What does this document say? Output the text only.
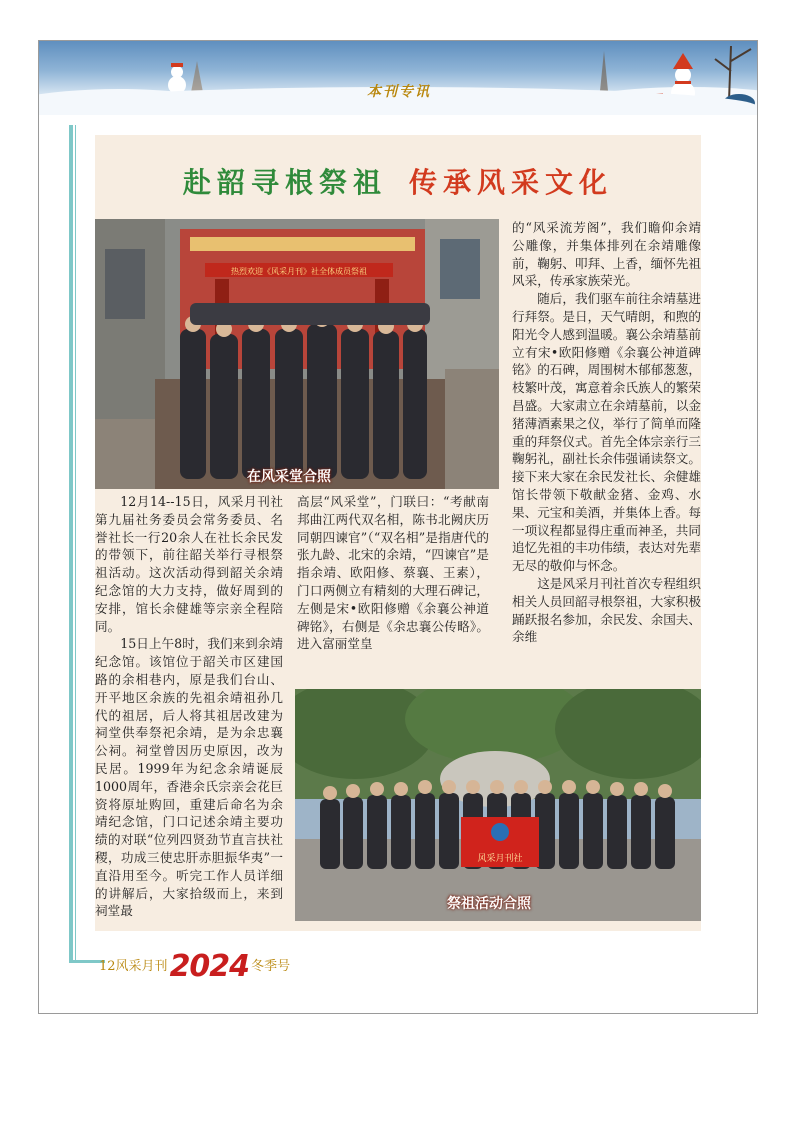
本刊专讯
赴韶寻根祭祖 传承风采文化
热烈欢迎《风采月刊》社全体成员祭祖
在风采堂合照
风采月刊社
祭祖活动合照

12月14--15日，风采月刊社第九届社务委员会常务委员、名誉社长一行20余人在社长余民发的带领下，前往韶关举行寻根祭祖活动。这次活动得到韶关余靖纪念馆的大力支持，做好周到的安排，馆长余健雄等宗亲全程陪同。

15日上午8时，我们来到余靖纪念馆。该馆位于韶关市区建国路的余相巷内，原是我们台山、开平地区余族的先祖余靖祖孙几代的祖居，后人将其祖居改建为祠堂供奉祭祀余靖，是为余忠襄公祠。祠堂曾因历史原因，改为民居。1999年为纪念余靖诞辰1000周年，香港余氏宗亲会花巨资将原址购回，重建后命名为余靖纪念馆，门口记述余靖主要功绩的对联“位列四贤劲节直言扶社稷，功成三使忠肝赤胆振华夷”一直沿用至今。听完工作人员详细的讲解后，大家拾级而上，来到祠堂最

高层“风采堂”，门联曰：“考献南邦曲江两代双名相，陈书北阙庆历同朝四谏官”（“双名相”是指唐代的张九龄、北宋的余靖，“四谏官”是指余靖、欧阳修、蔡襄、王素），门口两侧立有精刻的大理石碑记，左侧是宋•欧阳修赠《余襄公神道碑铭》，右侧是《余忠襄公传略》。进入富丽堂皇

的“风采流芳阁”，我们瞻仰余靖公雕像，并集体排列在余靖雕像前，鞠躬、叩拜、上香，缅怀先祖风采，传承家族荣光。

随后，我们驱车前往余靖墓进行拜祭。是日，天气晴朗，和煦的阳光令人感到温暖。襄公余靖墓前立有宋•欧阳修赠《余襄公神道碑铭》的石碑，周围树木郁郁葱葱，枝繁叶茂，寓意着余氏族人的繁荣昌盛。大家肃立在余靖墓前，以金猪薄酒素果之仪，举行了简单而隆重的拜祭仪式。首先全体宗亲行三鞠躬礼，副社长余伟强诵读祭文。接下来大家在余民发社长、余健雄馆长带领下敬献金猪、金鸡、水果、元宝和美酒，并集体上香。每一项议程都显得庄重而神圣，共同追忆先祖的丰功伟绩，表达对先辈无尽的敬仰与怀念。

这是风采月刊社首次专程组织相关人员回韶寻根祭祖，大家积极踊跃报名参加，余民发、余国夫、余维

12风采月刊2024 冬季号
